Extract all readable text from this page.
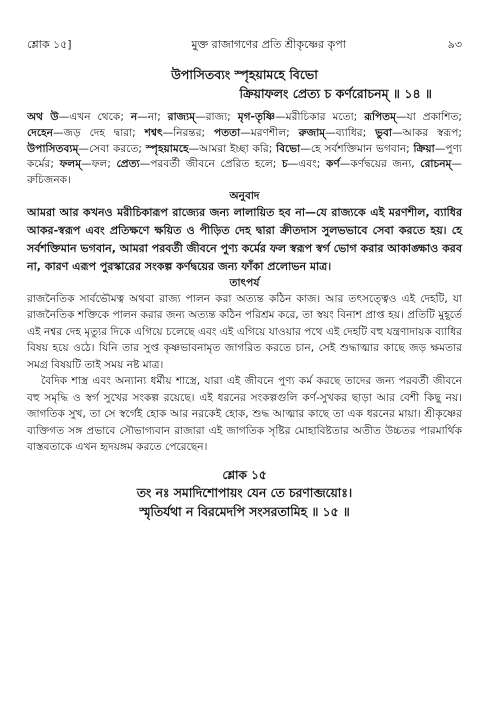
শ্লোক ১৫]	মুক্ত রাজাগণের প্রতি শ্রীকৃষ্ণের কৃপা	৯৩
উপাসিতব্যং স্পৃহয়ামহে বিভো
ক্রিয়াফলং প্রেত্য চ কর্ণরোচনম্ ॥ ১৪ ॥
অথ উ—এখন থেকে; ন—না; রাজ্যম্—রাজ্য; মৃগ-তৃষ্ণি—মরীচিকার মতো; রূপিতম্—যা প্রকাশিত; দেহেন—জড় দেহ দ্বারা; শশ্বৎ—নিরন্তর; পততা—মরণশীল; রুজাম্—ব্যাধির; ভুবা—আকর স্বরূপ; উপাসিতব্যম্—সেবা করতে; স্পৃহয়ামহে—আমরা ইচ্ছা করি; বিভো—হে সর্বশক্তিমান ভগবান; ক্রিয়া—পুণ্য কর্মের; ফলম্—ফল; প্রেত্য—পরবর্তী জীবনে প্রেরিত হলে; চ—এবং; কর্ণ—কর্ণদ্বয়ের জন্য, রোচনম্—রুচিজনক।
অনুবাদ
আমরা আর কখনও মরীচিকারূপ রাজ্যের জন্য লালায়িত হব না—যে রাজ্যকে এই মরণশীল, ব্যাধির আকর-স্বরূপ এবং প্রতিক্ষণে ক্ষয়িত ও পীড়িত দেহ দ্বারা ক্রীতদাস সুলভভাবে সেবা করতে হয়। হে সর্বশক্তিমান ভগবান, আমরা পরবর্তী জীবনে পুণ্য কর্মের ফল স্বরূপ স্বর্গ ভোগ করার আকাঙ্ক্ষাও করব না, কারণ এরূপ পুরস্কারের সংকল্প কর্ণদ্বয়ের জন্য ফাঁকা প্রলোভন মাত্র।
তাৎপর্য

রাজনৈতিক সার্বভৌমত্ব অথবা রাজ্য পালন করা অত্যন্ত কঠিন কাজ। আর তৎসত্ত্বেও এই দেহটি, যা রাজনৈতিক শক্তিকে পালন করার জন্য অত্যন্ত কঠিন পরিশ্রম করে, তা স্বয়ং বিনাশ প্রাপ্ত হয়। প্রতিটি মুহূর্তে এই নশ্বর দেহ মৃত্যুর দিকে এগিয়ে চলেছে এবং এই এগিয়ে যাওয়ার পথে এই দেহটি বহু যন্ত্রণাদায়ক ব্যাধির বিষয় হয়ে ওঠে। যিনি তার সুপ্ত কৃষ্ণভাবনামৃত জাগরিত করতে চান, সেই শুদ্ধাত্মার কাছে জড় ক্ষমতার সমগ্র বিষয়টি তাই সময় নষ্ট মাত্র।

বৈদিক শাস্ত্র এবং অন্যান্য ধর্মীয় শাস্ত্রে, যারা এই জীবনে পুণ্য কর্ম করছে তাদের জন্য পরবর্তী জীবনে বহু সমৃদ্ধি ও স্বর্গ সুখের সংকল্প রয়েছে। এই ধরনের সংকল্পগুলি কর্ণ-সুখকর ছাড়া আর বেশী কিছু নয়। জাগতিক সুখ, তা সে স্বর্গেই হোক আর নরকেই হোক, শুদ্ধ আত্মার কাছে তা এক ধরনের মায়া। শ্রীকৃষ্ণের ব্যক্তিগত সঙ্গ প্রভাবে সৌভাগ্যবান রাজারা এই জাগতিক সৃষ্টির মোহাবিষ্টতার অতীত উচ্চতর পারমার্থিক বাস্তবতাকে এখন হৃদয়ঙ্গম করতে পেরেছেন।

শ্লোক ১৫
তং নঃ সমাদিশোপায়ং যেন তে চরণাব্জয়োঃ।
স্মৃতির্যথা ন বিরমেদপি সংসরতামিহ ॥ ১৫ ॥
